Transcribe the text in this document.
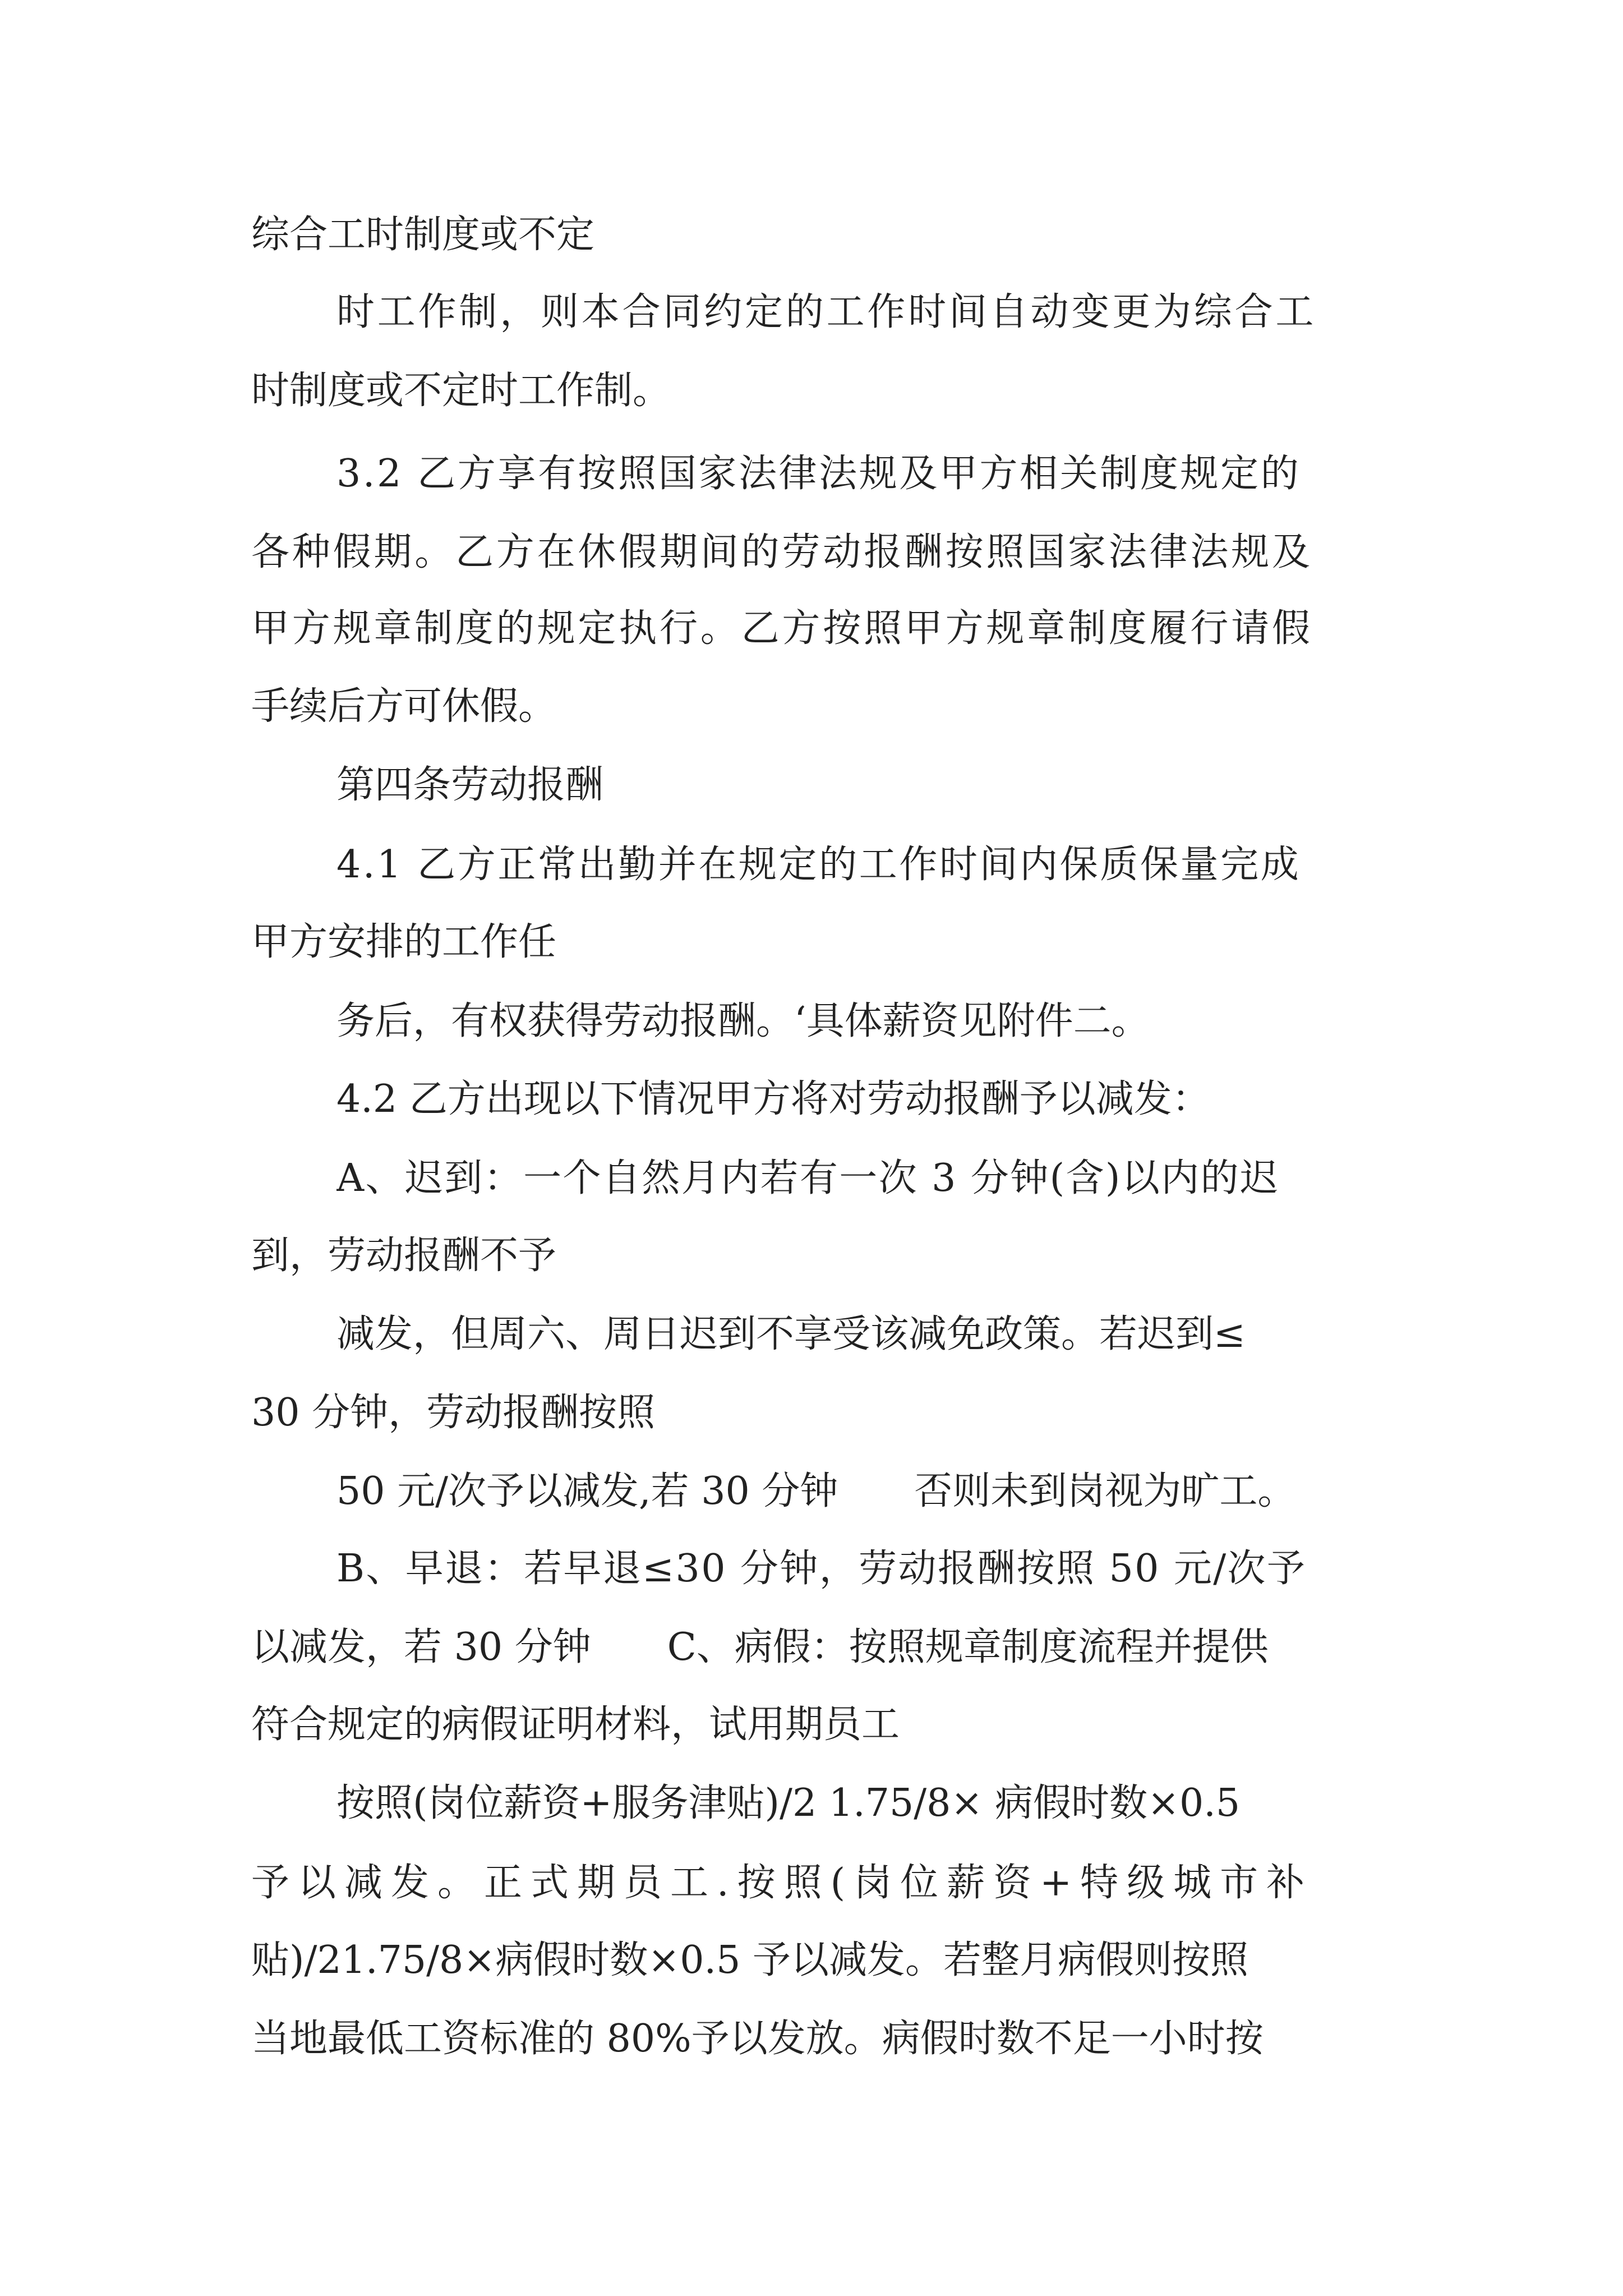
综合工时制度或不定
时工作制，则本合同约定的工作时间自动变更为综合工
时制度或不定时工作制。
3.2 乙方享有按照国家法律法规及甲方相关制度规定的
各种假期。乙方在休假期间的劳动报酬按照国家法律法规及
甲方规章制度的规定执行。乙方按照甲方规章制度履行请假
手续后方可休假。
第四条劳动报酬
4.1 乙方正常出勤并在规定的工作时间内保质保量完成
甲方安排的工作任
务后，有权获得劳动报酬。‘具体薪资见附件二。
4.2 乙方出现以下情况甲方将对劳动报酬予以减发：
A、迟到：一个自然月内若有一次 3 分钟(含)以内的迟
到，劳动报酬不予
减发，但周六、周日迟到不享受该减免政策。若迟到≤
30 分钟，劳动报酬按照
50 元/次予以减发,若 30 分钟　　否则未到岗视为旷工。
B、早退：若早退≤30 分钟，劳动报酬按照 50 元/次予
以减发，若 30 分钟　　C、病假：按照规章制度流程并提供
符合规定的病假证明材料，试用期员工
按照(岗位薪资+服务津贴)/2 1.75/8× 病假时数×0.5
予以减发。正式期员工.按照(岗位薪资+特级城市补
贴)/21.75/8×病假时数×0.5 予以减发。若整月病假则按照
当地最低工资标准的 80%予以发放。病假时数不足一小时按
